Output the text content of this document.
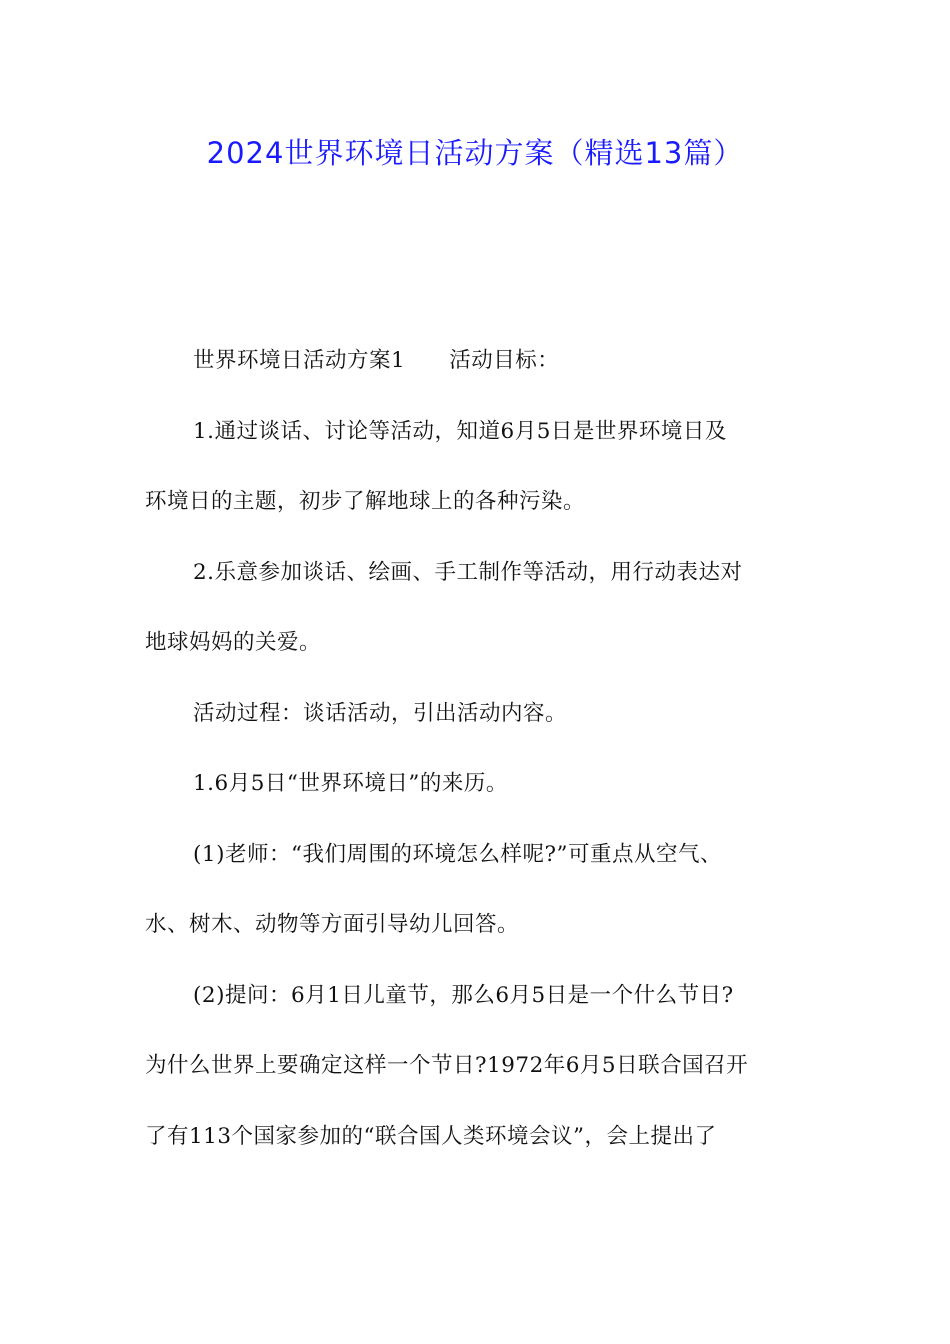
2024世界环境日活动方案（精选13篇）
世界环境日活动方案1 活动目标：
1.通过谈话、讨论等活动，知道6月5日是世界环境日及
环境日的主题，初步了解地球上的各种污染。
2.乐意参加谈话、绘画、手工制作等活动，用行动表达对
地球妈妈的关爱。
活动过程：谈话活动，引出活动内容。
1.6月5日“世界环境日”的来历。
(1)老师：“我们周围的环境怎么样呢?”可重点从空气、
水、树木、动物等方面引导幼儿回答。
(2)提问：6月1日儿童节，那么6月5日是一个什么节日?
为什么世界上要确定这样一个节日?1972年6月5日联合国召开
了有113个国家参加的“联合国人类环境会议”，会上提出了
